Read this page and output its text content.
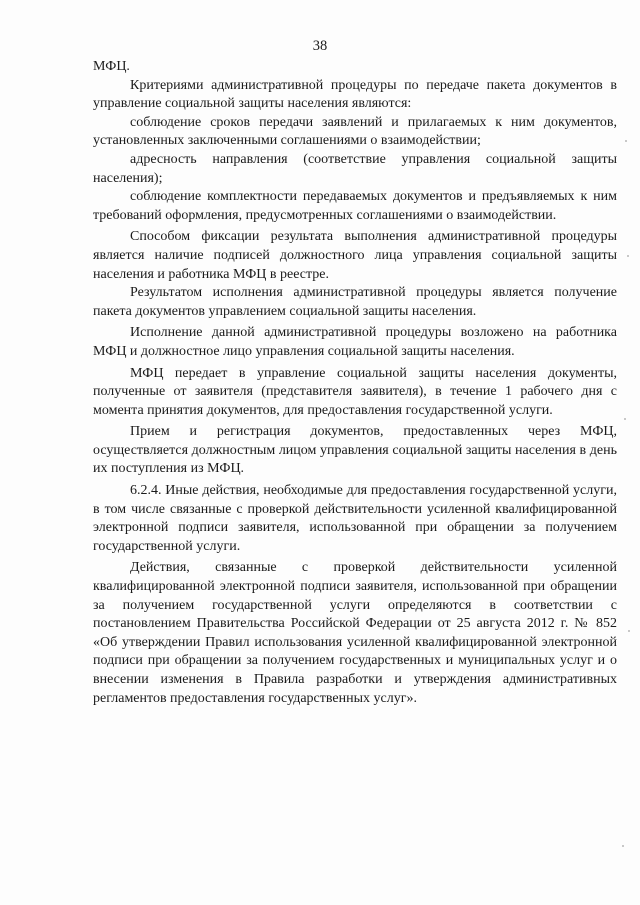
38

МФЦ.

Критериями административной процедуры по передаче пакета документов в управление социальной защиты населения являются:

соблюдение сроков передачи заявлений и прилагаемых к ним документов, установленных заключенными соглашениями о взаимодействии;

адресность направления (соответствие управления социальной защиты населения);

соблюдение комплектности передаваемых документов и предъявляемых к ним требований оформления, предусмотренных соглашениями о взаимодействии.

Способом фиксации результата выполнения административной процедуры является наличие подписей должностного лица управления социальной защиты населения и работника МФЦ в реестре.

Результатом исполнения административной процедуры является получение пакета документов управлением социальной защиты населения.

Исполнение данной административной процедуры возложено на работника МФЦ и должностное лицо управления социальной защиты населения.

МФЦ передает в управление социальной защиты населения документы, полученные от заявителя (представителя заявителя), в течение 1 рабочего дня с момента принятия документов, для предоставления государственной услуги.

Прием и регистрация документов, предоставленных через МФЦ, осуществляется должностным лицом управления социальной защиты населения в день их поступления из МФЦ.

6.2.4. Иные действия, необходимые для предоставления государственной услуги, в том числе связанные с проверкой действительности усиленной квалифицированной электронной подписи заявителя, использованной при обращении за получением государственной услуги.

Действия, связанные с проверкой действительности усиленной квалифицированной электронной подписи заявителя, использованной при обращении за получением государственной услуги определяются в соответствии с постановлением Правительства Российской Федерации от 25 августа 2012 г. № 852 «Об утверждении Правил использования усиленной квалифицированной электронной подписи при обращении за получением государственных и муниципальных услуг и о внесении изменения в Правила разработки и утверждения административных регламентов предоставления государственных услуг».
